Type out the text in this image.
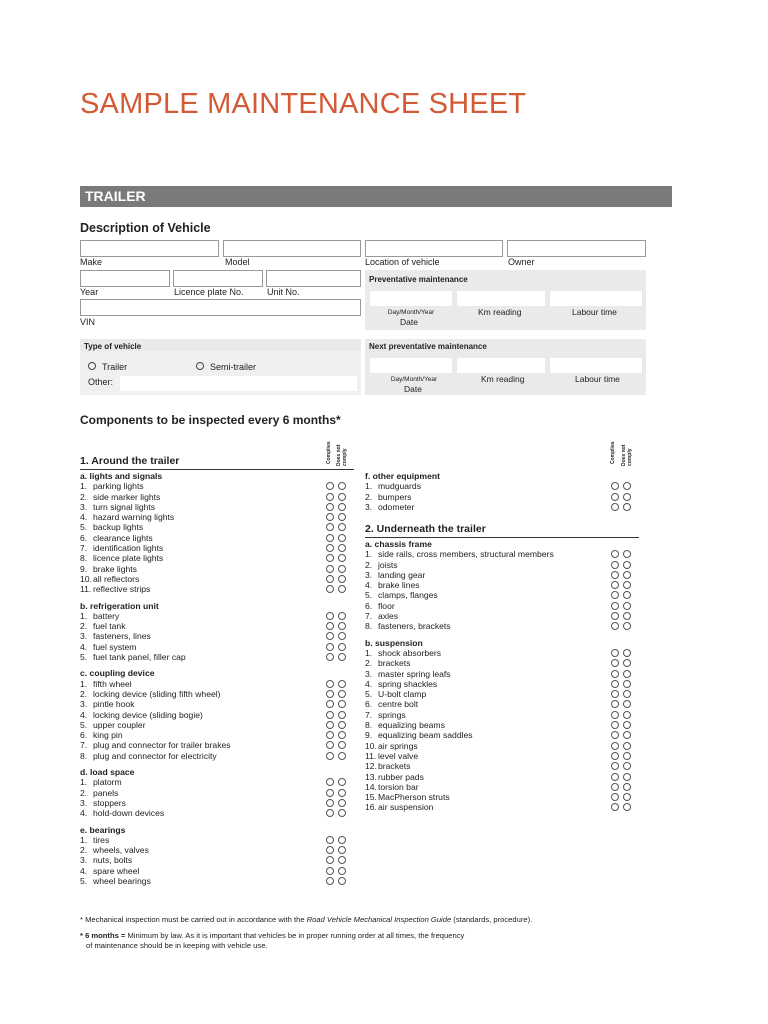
SAMPLE MAINTENANCE SHEET
TRAILER
Description of Vehicle
Make	Model	Location of vehicle	Owner
Year	Licence plate No.	Unit No.
VIN
Preventative maintenance
Day/Month/Year
Date
Km reading	Labour time
Type of vehicle
Trailer	Semi-trailer
Other:
Next preventative maintenance
Day/Month/Year
Date
Km reading	Labour time
Components to be inspected every 6 months*
Complies Does not comply	Complies Does not comply
1. Around the trailer
a. lights and signals
1. parking lights
2. side marker lights
3. turn signal lights
4. hazard warning lights
5. backup lights
6. clearance lights
7. identification lights
8. licence plate lights
9. brake lights
10.all reflectors
11. reflective strips
b. refrigeration unit
1. battery
2. fuel tank
3. fasteners, lines
4. fuel system
5. fuel tank panel, filler cap
c. coupling device
1. fifth wheel
2. locking device (sliding fifth wheel)
3. pintle hook
4. locking device (sliding bogie)
5. upper coupler
6. king pin
7. plug and connector for trailer brakes
8. plug and connector for electricity
d. load space
1. platorm
2. panels
3. stoppers
4. hold-down devices
e. bearings
1. tires
2. wheels, valves
3. nuts, bolts
4. spare wheel
5. wheel bearings
f. other equipment
1. mudguards
2. bumpers
3. odometer
2. Underneath the trailer
a. chassis frame
1. side rails, cross members, structural members
2. joists
3. landing gear
4. brake lines
5. clamps, flanges
6. floor
7. axles
8. fasteners, brackets
b. suspension
1. shock absorbers
2. brackets
3. master spring leafs
4. spring shackles
5. U-bolt clamp
6. centre bolt
7. springs
8. equalizing beams
9. equalizing beam saddles
10.air springs
11. level valve
12.brackets
13.rubber pads
14.torsion bar
15.MacPherson struts
16.air suspension
* Mechanical inspection must be carried out in accordance with the Road Vehicle Mechanical Inspection Guide (standards, procedure).
* 6 months = Minimum by law. As it is important that vehicles be in proper running order at all times, the frequency
of maintenance should be in keeping with vehicle use.
